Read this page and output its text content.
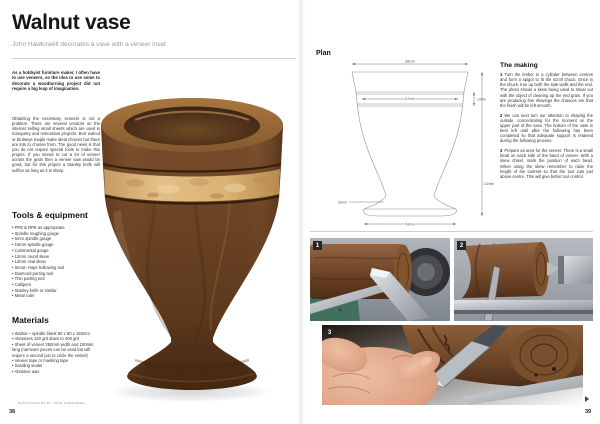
Walnut vase
John Hawkswell decorates a vase with a veneer inset

As a hobbyist furniture maker, I often have to use veneers, so the idea to use some to decorate a woodturning project did not require a big leap of imagination.

Obtaining the necessary veneers is not a problem. There are several vendors on the internet selling small sheets which are used in marquetry and restoration projects. Burr walnut or birdseye maple make ideal choices but there are lots to choose from. The good news is that you do not require special tools to make this project. If you intend to cut a lot of veneer across the grain then a veneer saw would be good, but for this project a Stanley knife will suffice as long as it is sharp.

Tools & equipment
• PPE & RPE as appropriate
• Spindle roughing gouge
• 6mm spindle gouge
• 10mm spindle gouge
• Continental gouge
• 12mm round skew
• 12mm oval skew
• Simon Hope hollowing tool
• Diamond parting tool
• Thin parting tool
• Callipers
• Stanley knife or similar
• Metal ruler
Materials
• Walnut – spindle blank 80 x 80 x 150mm
• Abrasives 120 grit down to 400 grit
• Sheet of veneer 250mm width and 100mm long (narrower pieces can be used but will require a second join to circle the vessel)
• Veneer tape or masking tape
• Sanding sealer
• Abrasive wax
PHOTOGRAPHS BY JOHN HAWKSWELL
38
Plan
68mm
67mm	10mm
110mm
22mm
54mm
The making

1 Turn the timber to a cylinder between centres and form a spigot to fit the scroll chuck. Once in the chuck, true up both the side walls and the end. The photo shows a skew being used to shear cut with the object of cleaning up the end grain. If you are producing fine shavings the chances are that the finish will be left smooth.

2 We can next turn our attention to shaping the outside, concentrating for the moment on the upper part of the vase. The bottom of the vase is best left until after the hollowing has been completed so that adequate support is retained during the following process.

3 Prepare an area for the veneer. There is a small bead on each side of the band of veneer. With a skew chisel, mark the position of each bead. When using the skew remember to raise the height of the toolrest so that the tool cuts just above centre. This will give better tool control.

1	2
3
39
